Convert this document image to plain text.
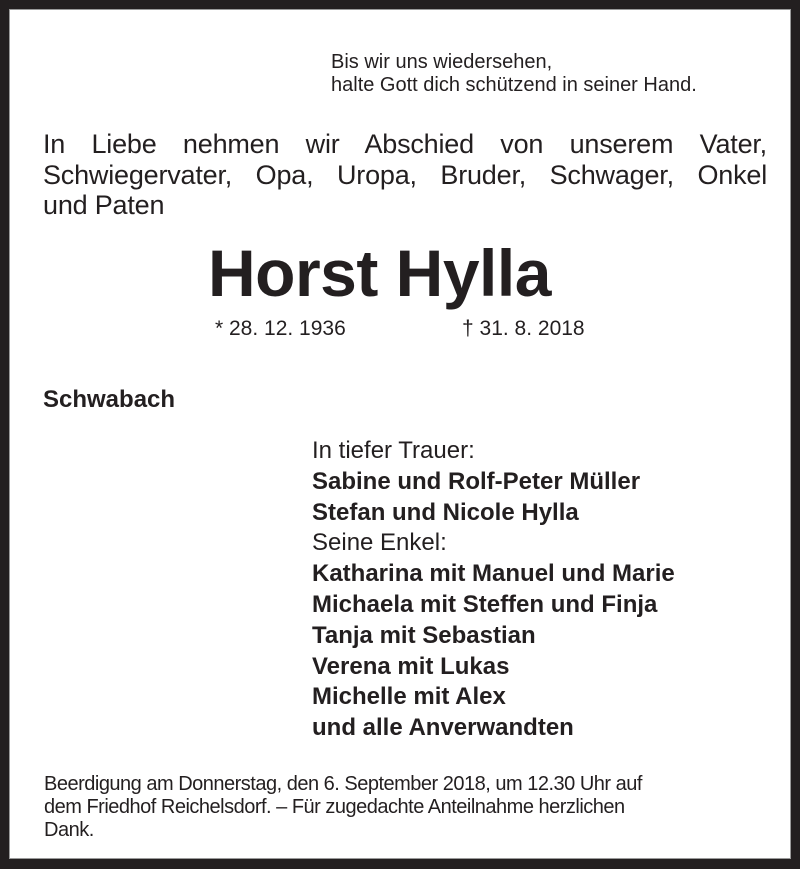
Bis wir uns wiedersehen,
halte Gott dich schützend in seiner Hand.
In Liebe nehmen wir Abschied von unserem Vater,
Schwiegervater, Opa, Uropa, Bruder, Schwager, Onkel
und Paten
Horst Hylla
* 28. 12. 1936	† 31. 8. 2018
Schwabach
In tiefer Trauer:
Sabine und Rolf-Peter Müller
Stefan und Nicole Hylla
Seine Enkel:
Katharina mit Manuel und Marie
Michaela mit Steffen und Finja
Tanja mit Sebastian
Verena mit Lukas
Michelle mit Alex
und alle Anverwandten
Beerdigung am Donnerstag, den 6. September 2018, um 12.30 Uhr auf
dem Friedhof Reichelsdorf. – Für zugedachte Anteilnahme herzlichen
Dank.
